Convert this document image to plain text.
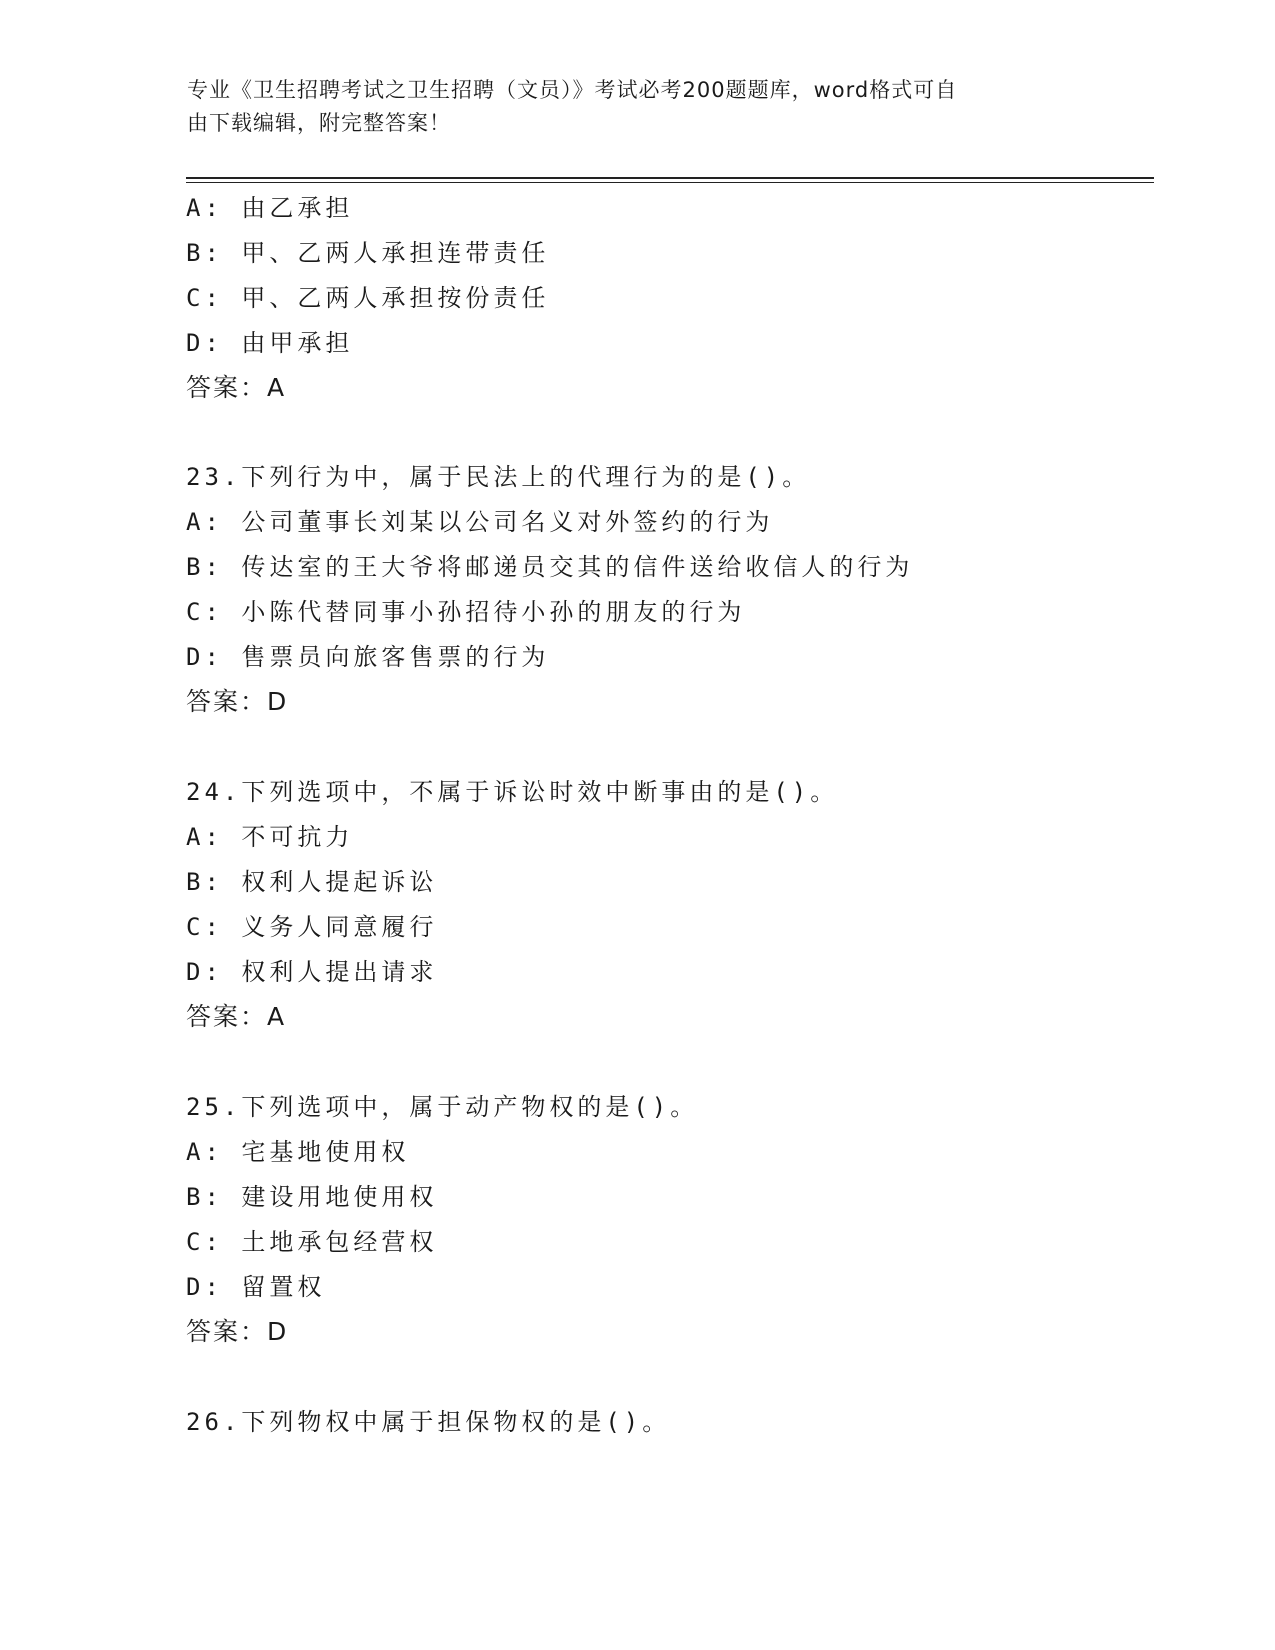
专业《卫生招聘考试之卫生招聘（文员）》考试必考200题题库，word格式可自
由下载编辑，附完整答案！
A: 由乙承担
B: 甲、乙两人承担连带责任
C: 甲、乙两人承担按份责任
D: 由甲承担
答案：A
23.下列行为中，属于民法上的代理行为的是()。
A: 公司董事长刘某以公司名义对外签约的行为
B: 传达室的王大爷将邮递员交其的信件送给收信人的行为
C: 小陈代替同事小孙招待小孙的朋友的行为
D: 售票员向旅客售票的行为
答案：D
24.下列选项中，不属于诉讼时效中断事由的是()。
A: 不可抗力
B: 权利人提起诉讼
C: 义务人同意履行
D: 权利人提出请求
答案：A
25.下列选项中，属于动产物权的是()。
A: 宅基地使用权
B: 建设用地使用权
C: 土地承包经营权
D: 留置权
答案：D
26.下列物权中属于担保物权的是()。
